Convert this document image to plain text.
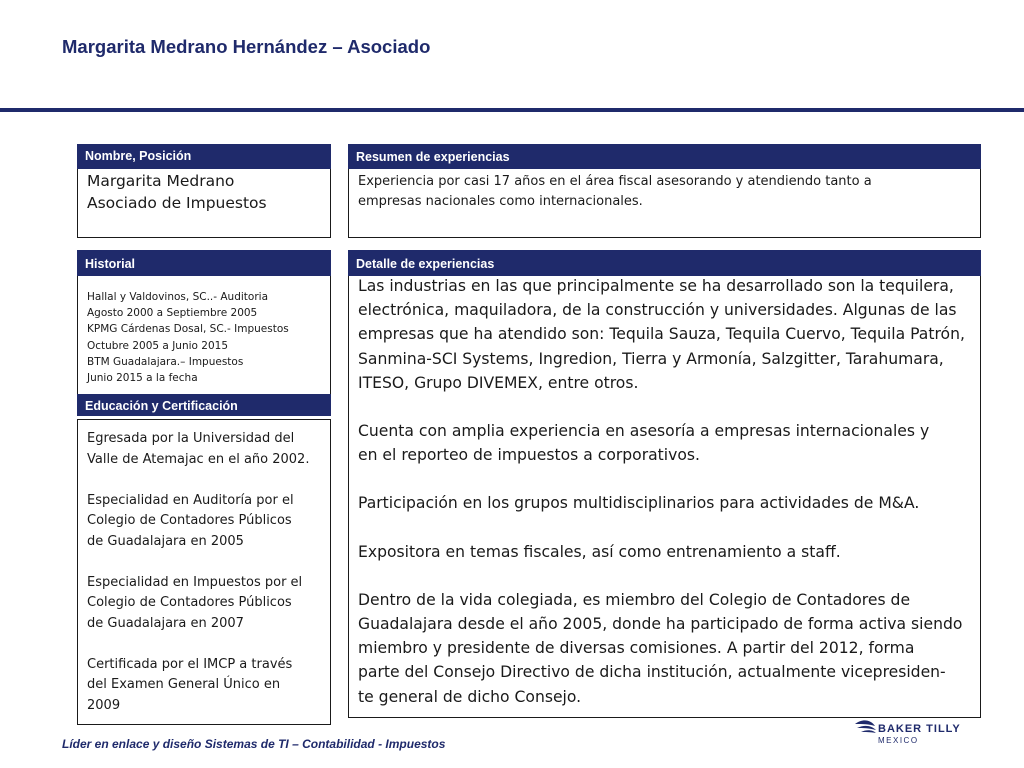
Margarita Medrano Hernández – Asociado
Nombre, Posición
Margarita Medrano
Asociado de Impuestos
Resumen de experiencias
Experiencia por casi 17 años en el área fiscal asesorando y atendiendo tanto a
empresas nacionales como internacionales.
Historial
Hallal y Valdovinos, SC..- Auditoria
Agosto 2000 a Septiembre 2005
KPMG Cárdenas Dosal, SC.- Impuestos
Octubre 2005 a Junio 2015
BTM Guadalajara.– Impuestos
Junio 2015 a la fecha
Educación y Certificación

Egresada por la Universidad del
Valle de Atemajac en el año 2002.

Especialidad en Auditoría por el
Colegio de Contadores Públicos
de Guadalajara en 2005

Especialidad en Impuestos por el
Colegio de Contadores Públicos
de Guadalajara en 2007

Certificada por el IMCP a través
del Examen General Único en
2009

Detalle de experiencias

Las industrias en las que principalmente se ha desarrollado son la tequilera,
electrónica, maquiladora, de la construcción y universidades. Algunas de las
empresas que ha atendido son: Tequila Sauza, Tequila Cuervo, Tequila Patrón,
Sanmina-SCI Systems, Ingredion, Tierra y Armonía, Salzgitter, Tarahumara,
ITESO, Grupo DIVEMEX, entre otros.

Cuenta con amplia experiencia en asesoría a empresas internacionales y
en el reporteo de impuestos a corporativos.

Participación en los grupos multidisciplinarios para actividades de M&A.

Expositora en temas fiscales, así como entrenamiento a staff.

Dentro de la vida colegiada, es miembro del Colegio de Contadores de
Guadalajara desde el año 2005, donde ha participado de forma activa siendo
miembro y presidente de diversas comisiones. A partir del 2012, forma
parte del Consejo Directivo de dicha institución, actualmente vicepresiden-
te general de dicho Consejo.

Líder en enlace y diseño Sistemas de TI – Contabilidad - Impuestos
BAKER TILLY
MEXICO
